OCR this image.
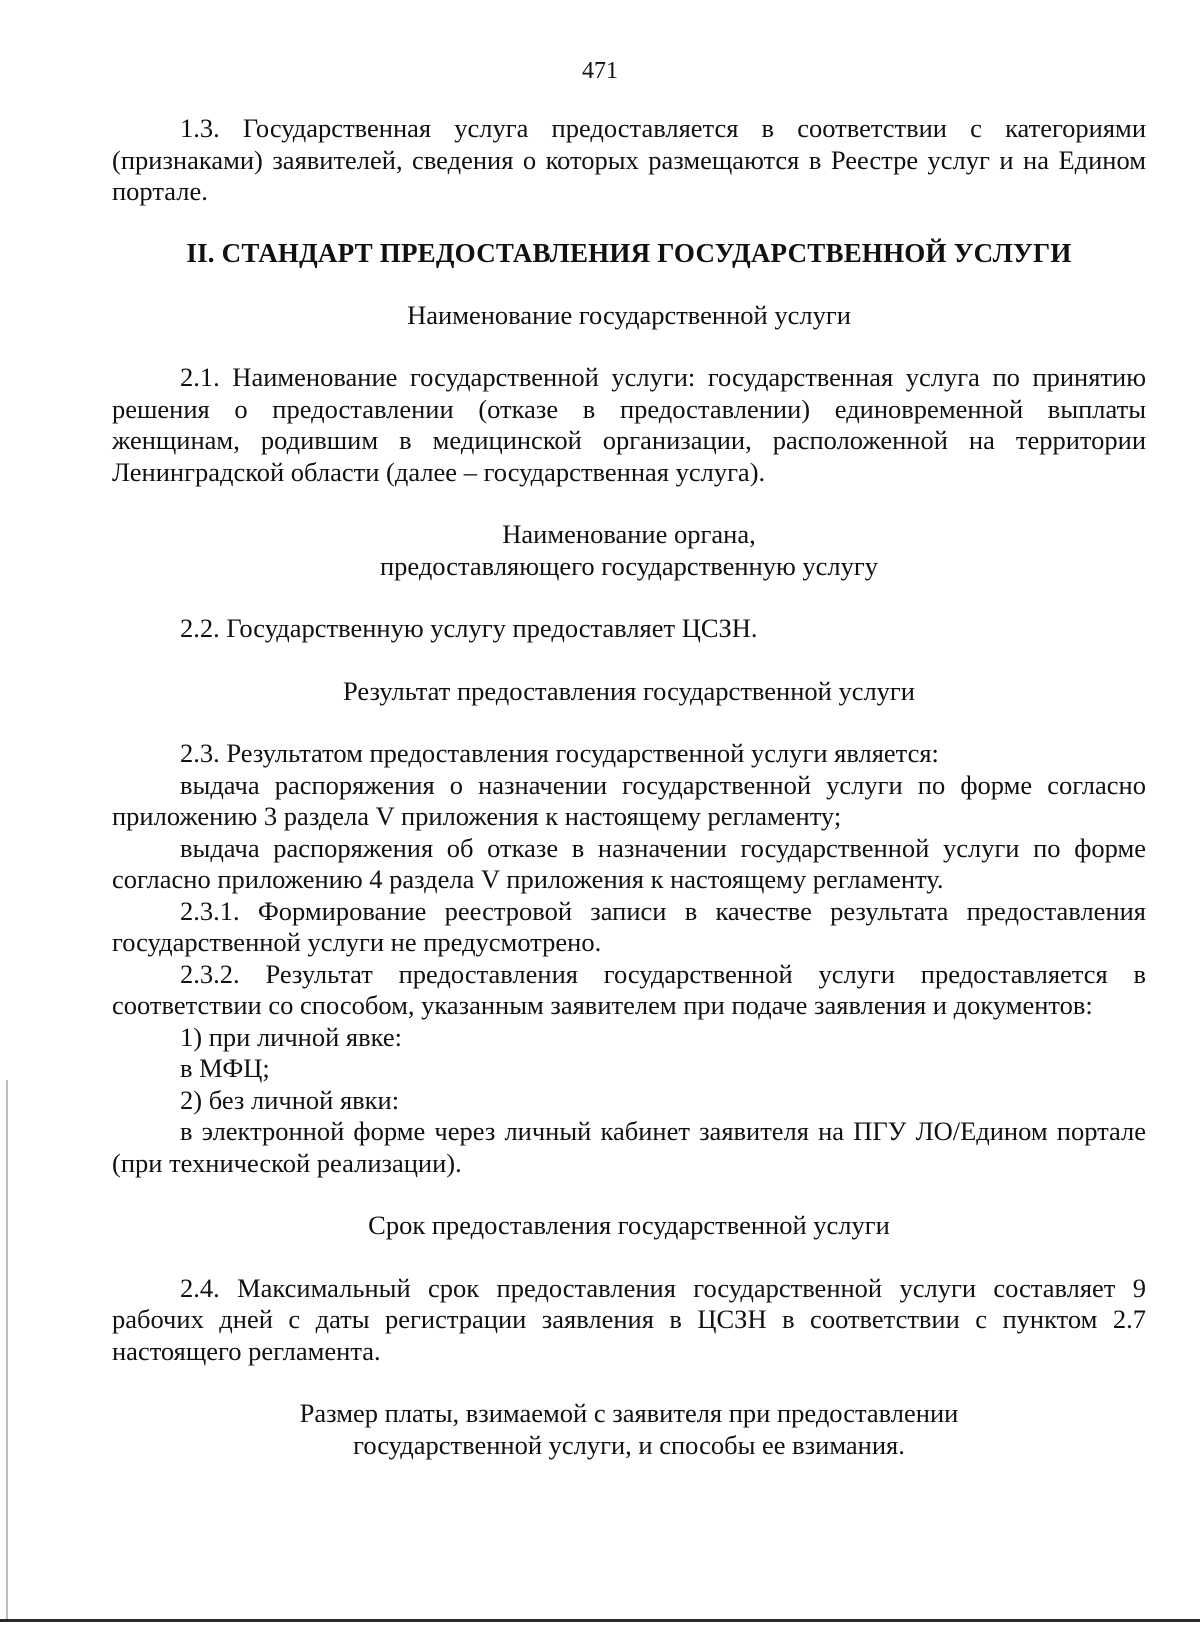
471

1.3. Государственная услуга предоставляется в соответствии с категориями (признаками) заявителей, сведения о которых размещаются в Реестре услуг и на Едином портале.

II. СТАНДАРТ ПРЕДОСТАВЛЕНИЯ ГОСУДАРСТВЕННОЙ УСЛУГИ

Наименование государственной услуги

2.1. Наименование государственной услуги: государственная услуга по принятию решения о предоставлении (отказе в предоставлении) единовременной выплаты женщинам, родившим в медицинской организации, расположенной на территории Ленинградской области (далее – государственная услуга).

Наименование органа,

предоставляющего государственную услугу

2.2. Государственную услугу предоставляет ЦСЗН.

Результат предоставления государственной услуги

2.3. Результатом предоставления государственной услуги является:

выдача распоряжения о назначении государственной услуги по форме согласно приложению 3 раздела V приложения к настоящему регламенту;

выдача распоряжения об отказе в назначении государственной услуги по форме согласно приложению 4 раздела V приложения к настоящему регламенту.

2.3.1. Формирование реестровой записи в качестве результата предоставления государственной услуги не предусмотрено.

2.3.2. Результат предоставления государственной услуги предоставляется в соответствии со способом, указанным заявителем при подаче заявления и документов:

1) при личной явке:

в МФЦ;

2) без личной явки:

в электронной форме через личный кабинет заявителя на ПГУ ЛО/Едином портале (при технической реализации).

Срок предоставления государственной услуги

2.4. Максимальный срок предоставления государственной услуги составляет 9 рабочих дней с даты регистрации заявления в ЦСЗН в соответствии с пунктом 2.7 настоящего регламента.

Размер платы, взимаемой с заявителя при предоставлении

государственной услуги, и способы ее взимания.
